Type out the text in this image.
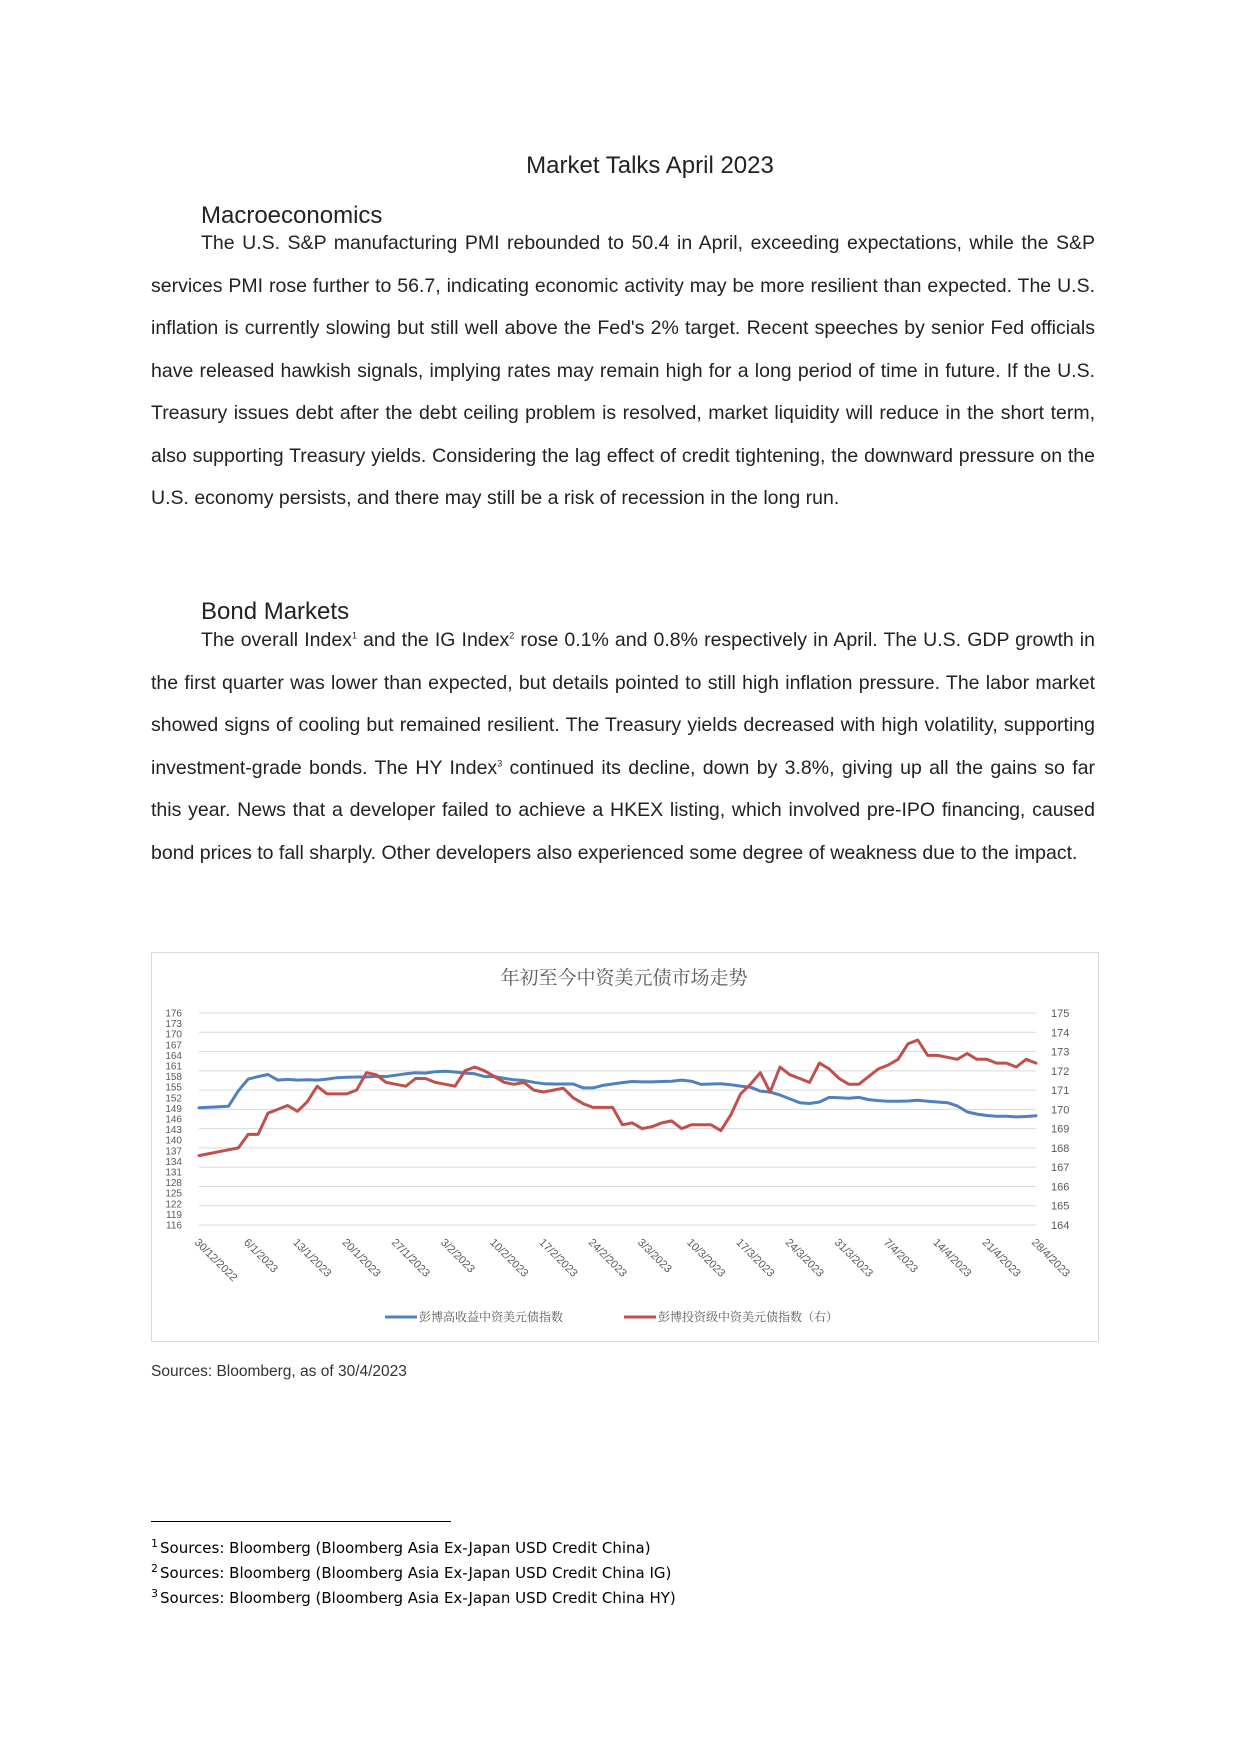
Market Talks April 2023
Macroeconomics

The U.S. S&P manufacturing PMI rebounded to 50.4 in April, exceeding expectations, while the S&P services PMI rose further to 56.7, indicating economic activity may be more resilient than expected. The U.S. inflation is currently slowing but still well above the Fed's 2% target. Recent speeches by senior Fed officials have released hawkish signals, implying rates may remain high for a long period of time in future. If the U.S. Treasury issues debt after the debt ceiling problem is resolved, market liquidity will reduce in the short term, also supporting Treasury yields. Considering the lag effect of credit tightening, the downward pressure on the U.S. economy persists, and there may still be a risk of recession in the long run.

Bond Markets

The overall Index$^1$ and the IG Index$^2$ rose 0.1% and 0.8% respectively in April. The U.S. GDP growth in the first quarter was lower than expected, but details pointed to still high inflation pressure. The labor market showed signs of cooling but remained resilient. The Treasury yields decreased with high volatility, supporting investment-grade bonds. The HY Index$^3$ continued its decline, down by 3.8%, giving up all the gains so far this year. News that a developer failed to achieve a HKEX listing, which involved pre-IPO financing, caused bond prices to fall sharply. Other developers also experienced some degree of weakness due to the impact.

年初至今中资美元债市场走势
116
119
122
125
128
131
134
137
140
143
146
149
152
155
158
161
164
167
170
173
176
164
165
166
167
168
169
170
171
172
173
174
175
30/12/2022 6/1/2023 13/1/2023 20/1/2023 27/1/2023 3/2/2023 10/2/2023 17/2/2023 24/2/2023 3/3/2023 10/3/2023 17/3/2023 24/3/2023 31/3/2023 7/4/2023 14/4/2023 21/4/2023 28/4/2023
彭博高收益中资美元债指数	彭博投资级中资美元债指数（右）
Sources: Bloomberg, as of 30/4/2023
$^1$ Sources: Bloomberg (Bloomberg Asia Ex-Japan USD Credit China)
$^2$ Sources: Bloomberg (Bloomberg Asia Ex-Japan USD Credit China IG)
$^3$ Sources: Bloomberg (Bloomberg Asia Ex-Japan USD Credit China HY)
